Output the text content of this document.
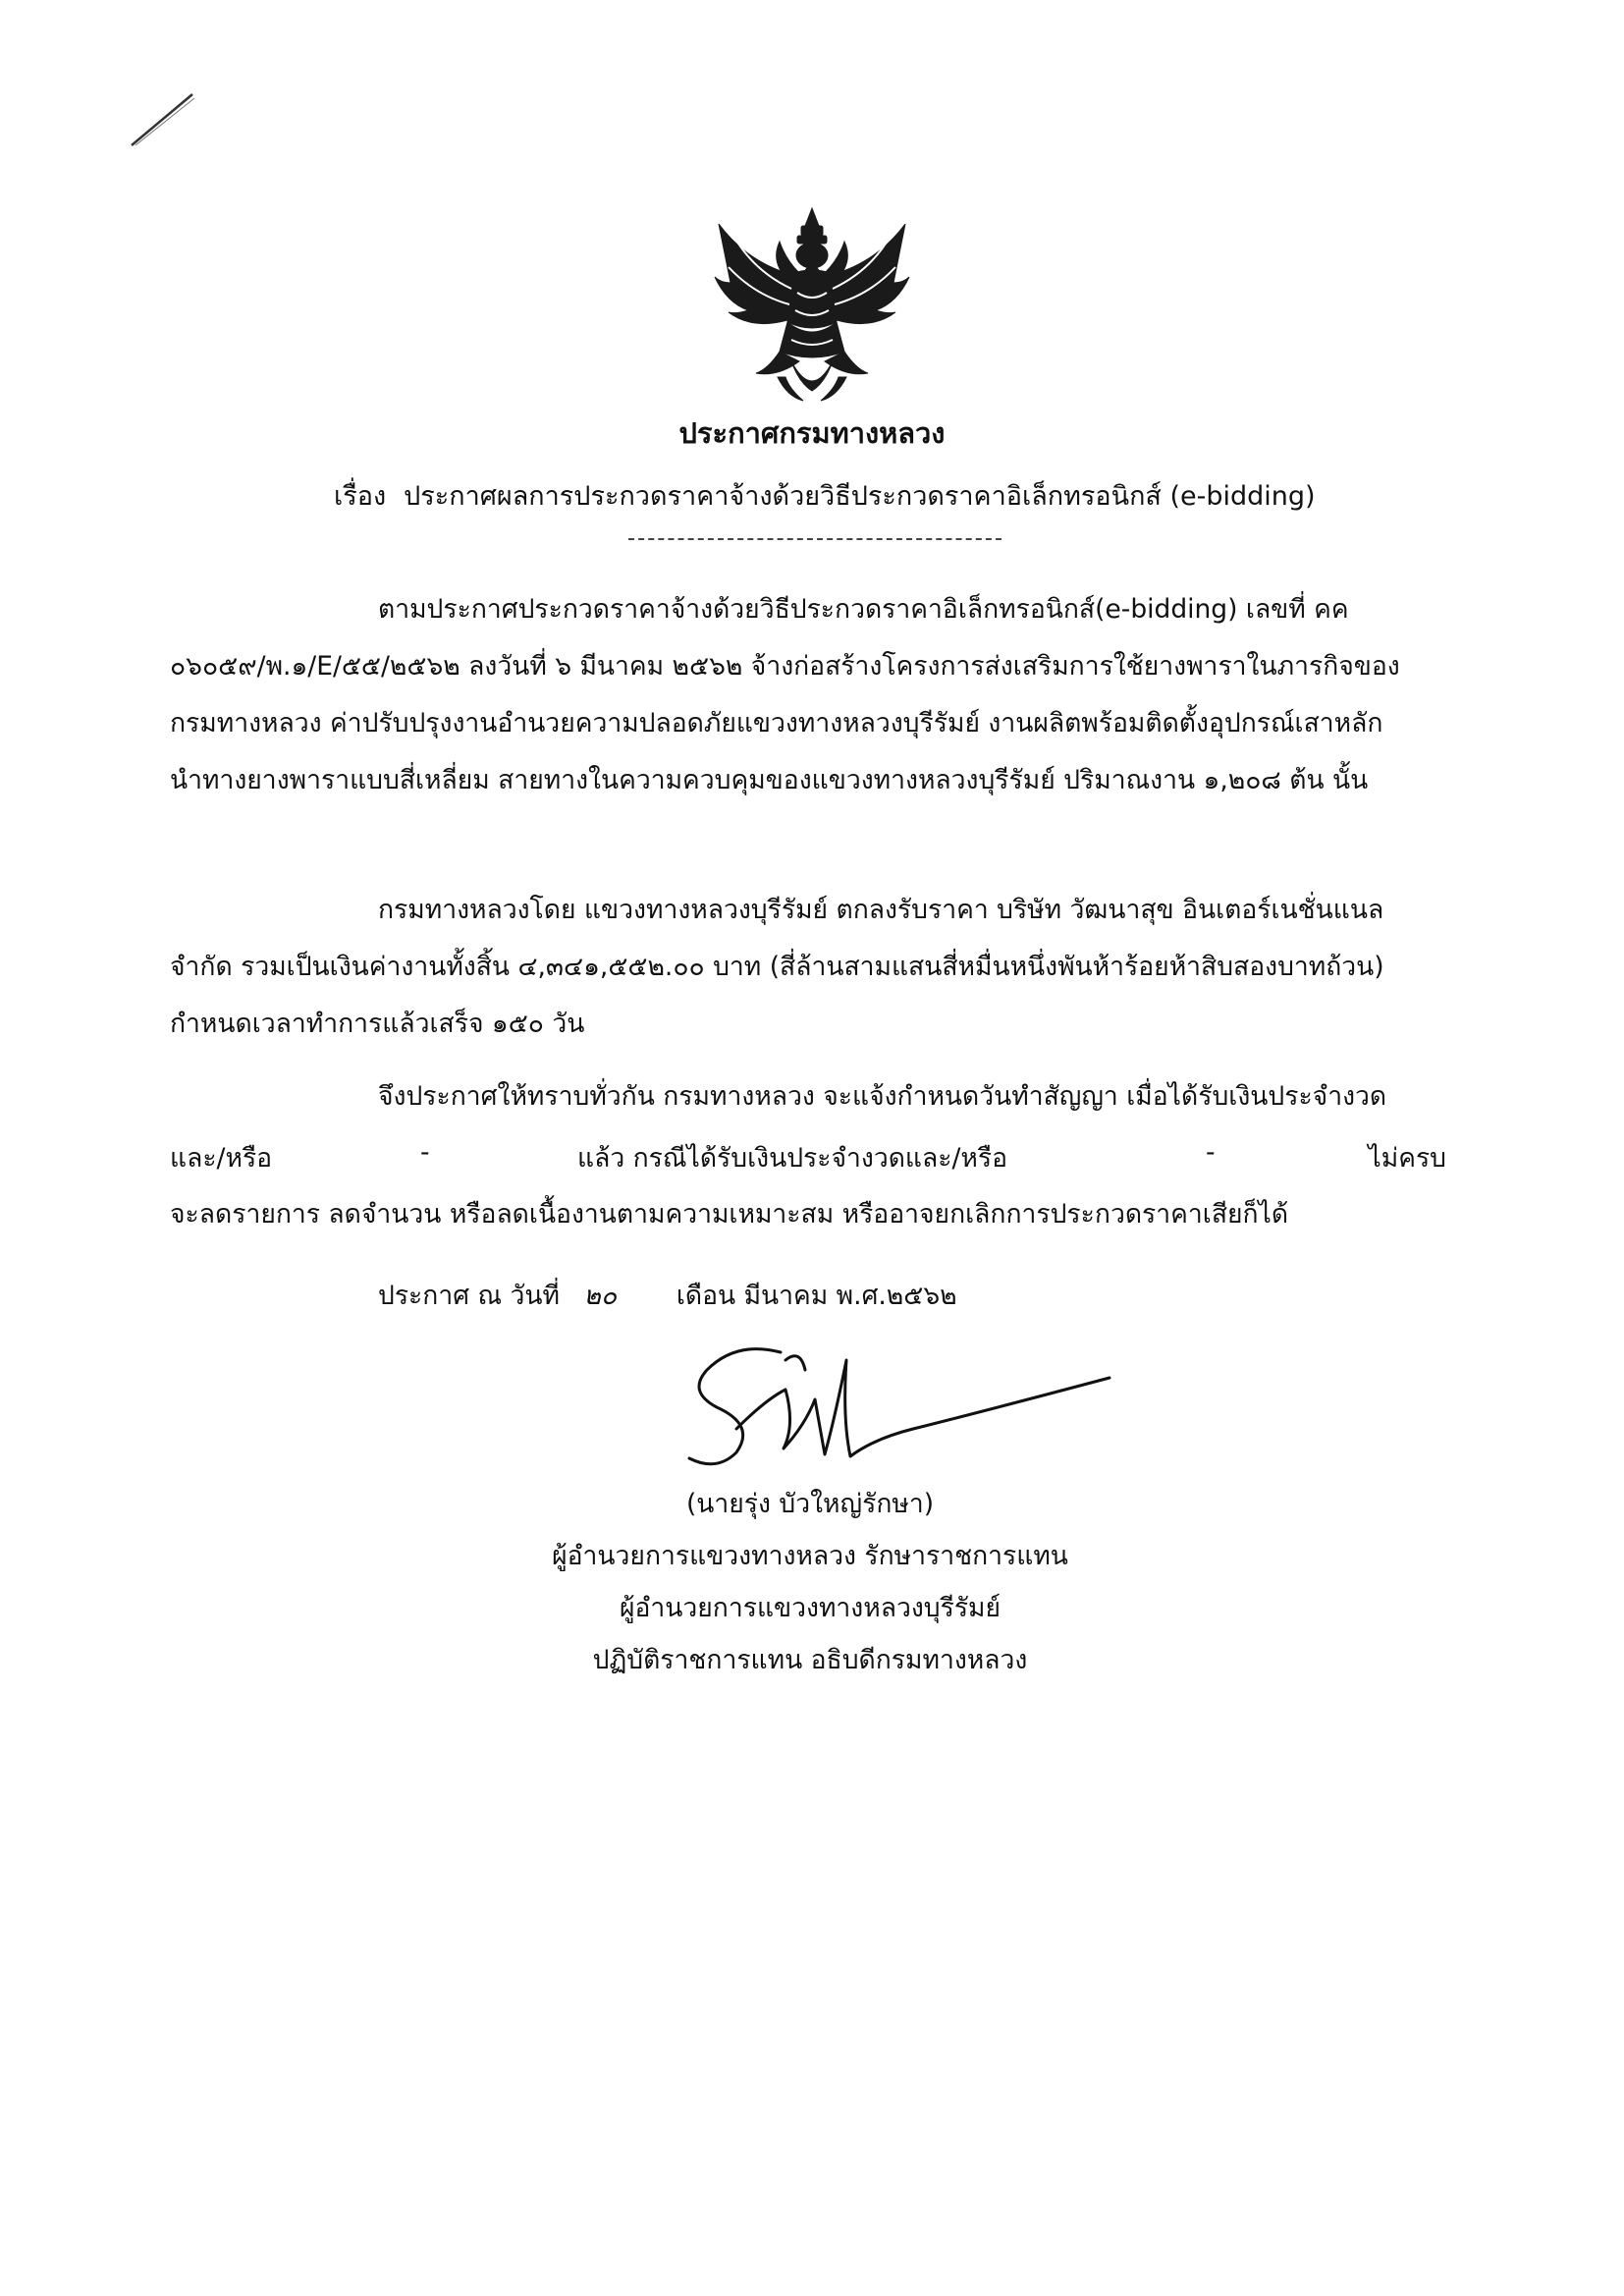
ประกาศกรมทางหลวง
เรื่อง ประกาศผลการประกวดราคาจ้างด้วยวิธีประกวดราคาอิเล็กทรอนิกส์ (e-bidding)

ตามประกาศประกวดราคาจ้างด้วยวิธีประกวดราคาอิเล็กทรอนิกส์(e-bidding) เลขที่ คค ๐๖๐๕๙/พ.๑/E/๕๕/๒๕๖๒ ลงวันที่ ๖ มีนาคม ๒๕๖๒ จ้างก่อสร้างโครงการส่งเสริมการใช้ยางพาราในภารกิจของกรมทางหลวง ค่าปรับปรุงงานอำนวยความปลอดภัยแขวงทางหลวงบุรีรัมย์ งานผลิตพร้อมติดตั้งอุปกรณ์เสาหลักนำทางยางพาราแบบสี่เหลี่ยม สายทางในความควบคุมของแขวงทางหลวงบุรีรัมย์ ปริมาณงาน ๑,๒๐๘ ต้น นั้น

กรมทางหลวงโดย แขวงทางหลวงบุรีรัมย์ ตกลงรับราคา บริษัท วัฒนาสุข อินเตอร์เนชั่นแนล จำกัด รวมเป็นเงินค่างานทั้งสิ้น ๔,๓๔๑,๕๕๒.๐๐ บาท (สี่ล้านสามแสนสี่หมื่นหนึ่งพันห้าร้อยห้าสิบสองบาทถ้วน) กำหนดเวลาทำการแล้วเสร็จ ๑๕๐ วัน

จึงประกาศให้ทราบทั่วกัน กรมทางหลวง จะแจ้งกำหนดวันทำสัญญา เมื่อได้รับเงินประจำงวด

และ/หรือ	-	แล้ว กรณีได้รับเงินประจำงวดและ/หรือ	-	ไม่ครบ
จะลดรายการ ลดจำนวน หรือลดเนื้องานตามความเหมาะสม หรืออาจยกเลิกการประกวดราคาเสียก็ได้
ประกาศ ณ วันที่ ๒๐ เดือน มีนาคม พ.ศ.๒๕๖๒
(นายรุ่ง บัวใหญ่รักษา)
ผู้อำนวยการแขวงทางหลวง รักษาราชการแทน
ผู้อำนวยการแขวงทางหลวงบุรีรัมย์
ปฏิบัติราชการแทน อธิบดีกรมทางหลวง
